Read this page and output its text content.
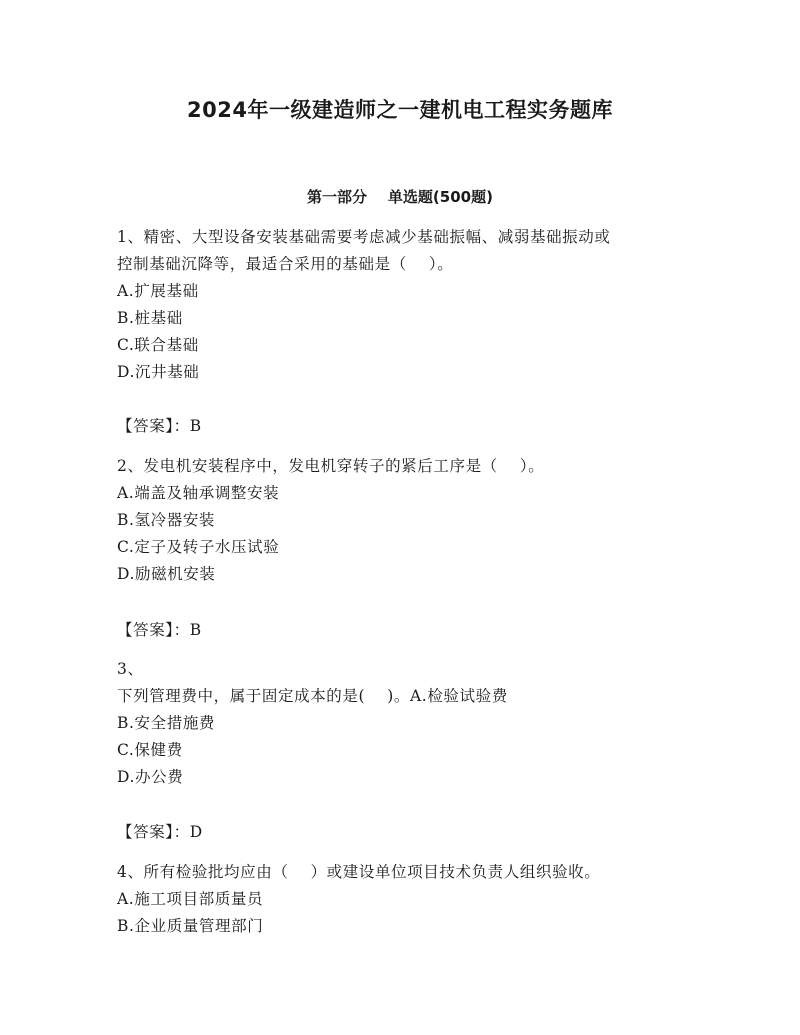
2024年一级建造师之一建机电工程实务题库
第一部分    单选题(500题)
1、精密、大型设备安装基础需要考虑减少基础振幅、减弱基础振动或
控制基础沉降等，最适合采用的基础是（    ）。
A.扩展基础
B.桩基础
C.联合基础
D.沉井基础
【答案】：B
2、发电机安装程序中，发电机穿转子的紧后工序是（    ）。
A.端盖及轴承调整安装
B.氢冷器安装
C.定子及转子水压试验
D.励磁机安装
【答案】：B
3、
下列管理费中，属于固定成本的是(    )。A.检验试验费
B.安全措施费
C.保健费
D.办公费
【答案】：D
4、所有检验批均应由（    ）或建设单位项目技术负责人组织验收。
A.施工项目部质量员
B.企业质量管理部门
